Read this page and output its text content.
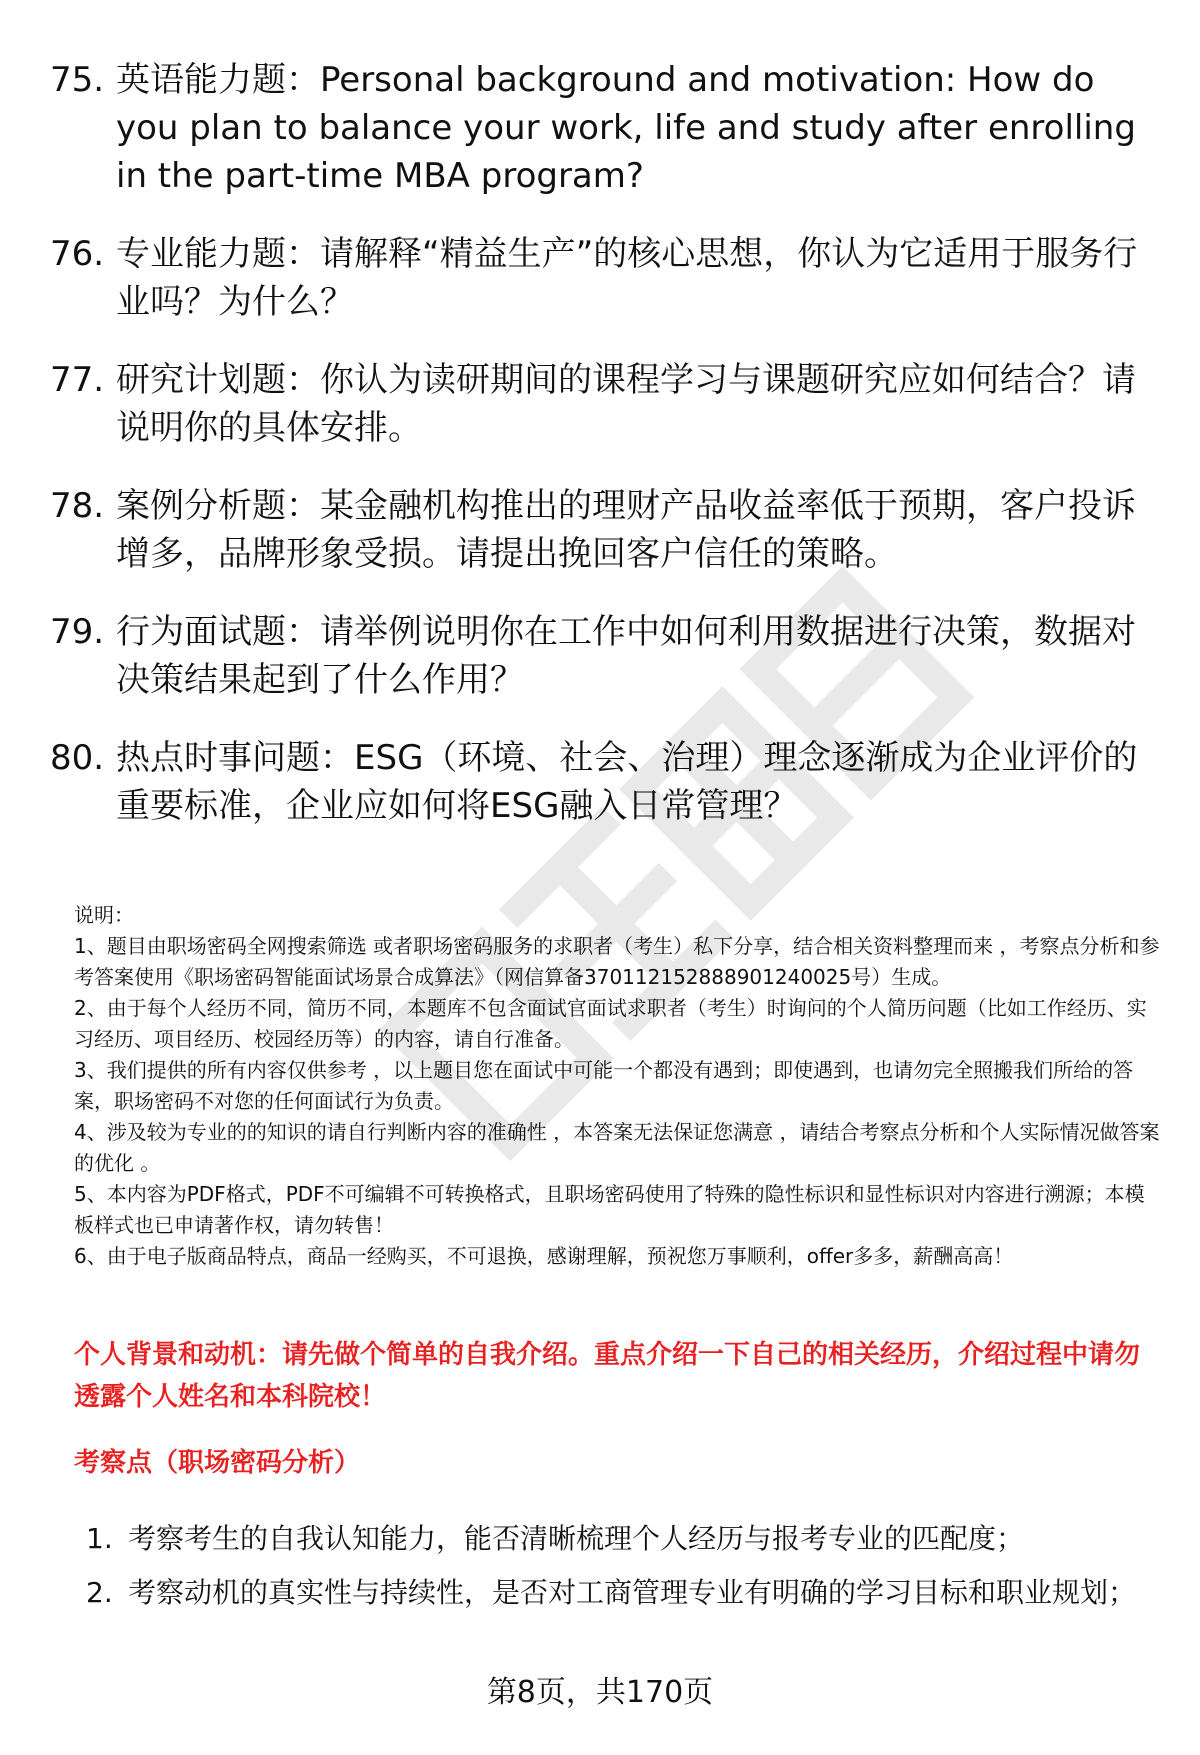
75. 英语能力题：Personal background and motivation: How do you plan to balance your work, life and study after enrolling in the part-time MBA program?
76. 专业能力题：请解释“精益生产”的核心思想，你认为它适用于服务行业吗？为什么？
77. 研究计划题：你认为读研期间的课程学习与课题研究应如何结合？请说明你的具体安排。
78. 案例分析题：某金融机构推出的理财产品收益率低于预期，客户投诉增多，品牌形象受损。请提出挽回客户信任的策略。
79. 行为面试题：请举例说明你在工作中如何利用数据进行决策，数据对决策结果起到了什么作用？
80. 热点时事问题：ESG（环境、社会、治理）理念逐渐成为企业评价的重要标准，企业应如何将ESG融入日常管理？
说明：
1、题目由职场密码全网搜索筛选 或者职场密码服务的求职者（考生）私下分享，结合相关资料整理而来 ，考察点分析和参考答案使用《职场密码智能面试场景合成算法》（网信算备370112152888901240025号）生成。
2、由于每个人经历不同，简历不同，本题库不包含面试官面试求职者（考生）时询问的个人简历问题（比如工作经历、实习经历、项目经历、校园经历等）的内容，请自行准备。
3、我们提供的所有内容仅供参考 ，以上题目您在面试中可能一个都没有遇到；即使遇到，也请勿完全照搬我们所给的答案，职场密码不对您的任何面试行为负责。
4、涉及较为专业的的知识的请自行判断内容的准确性 ，本答案无法保证您满意 ，请结合考察点分析和个人实际情况做答案的优化 。
5、本内容为PDF格式，PDF不可编辑不可转换格式，且职场密码使用了特殊的隐性标识和显性标识对内容进行溯源；本模板样式也已申请著作权，请勿转售！
6、由于电子版商品特点，商品一经购买，不可退换，感谢理解，预祝您万事顺利，offer多多，薪酬高高！
个人背景和动机：请先做个简单的自我介绍。重点介绍一下自己的相关经历，介绍过程中请勿透露个人姓名和本科院校！
考察点（职场密码分析）
1. 考察考生的自我认知能力，能否清晰梳理个人经历与报考专业的匹配度；
2. 考察动机的真实性与持续性，是否对工商管理专业有明确的学习目标和职业规划；
第8页，共170页
